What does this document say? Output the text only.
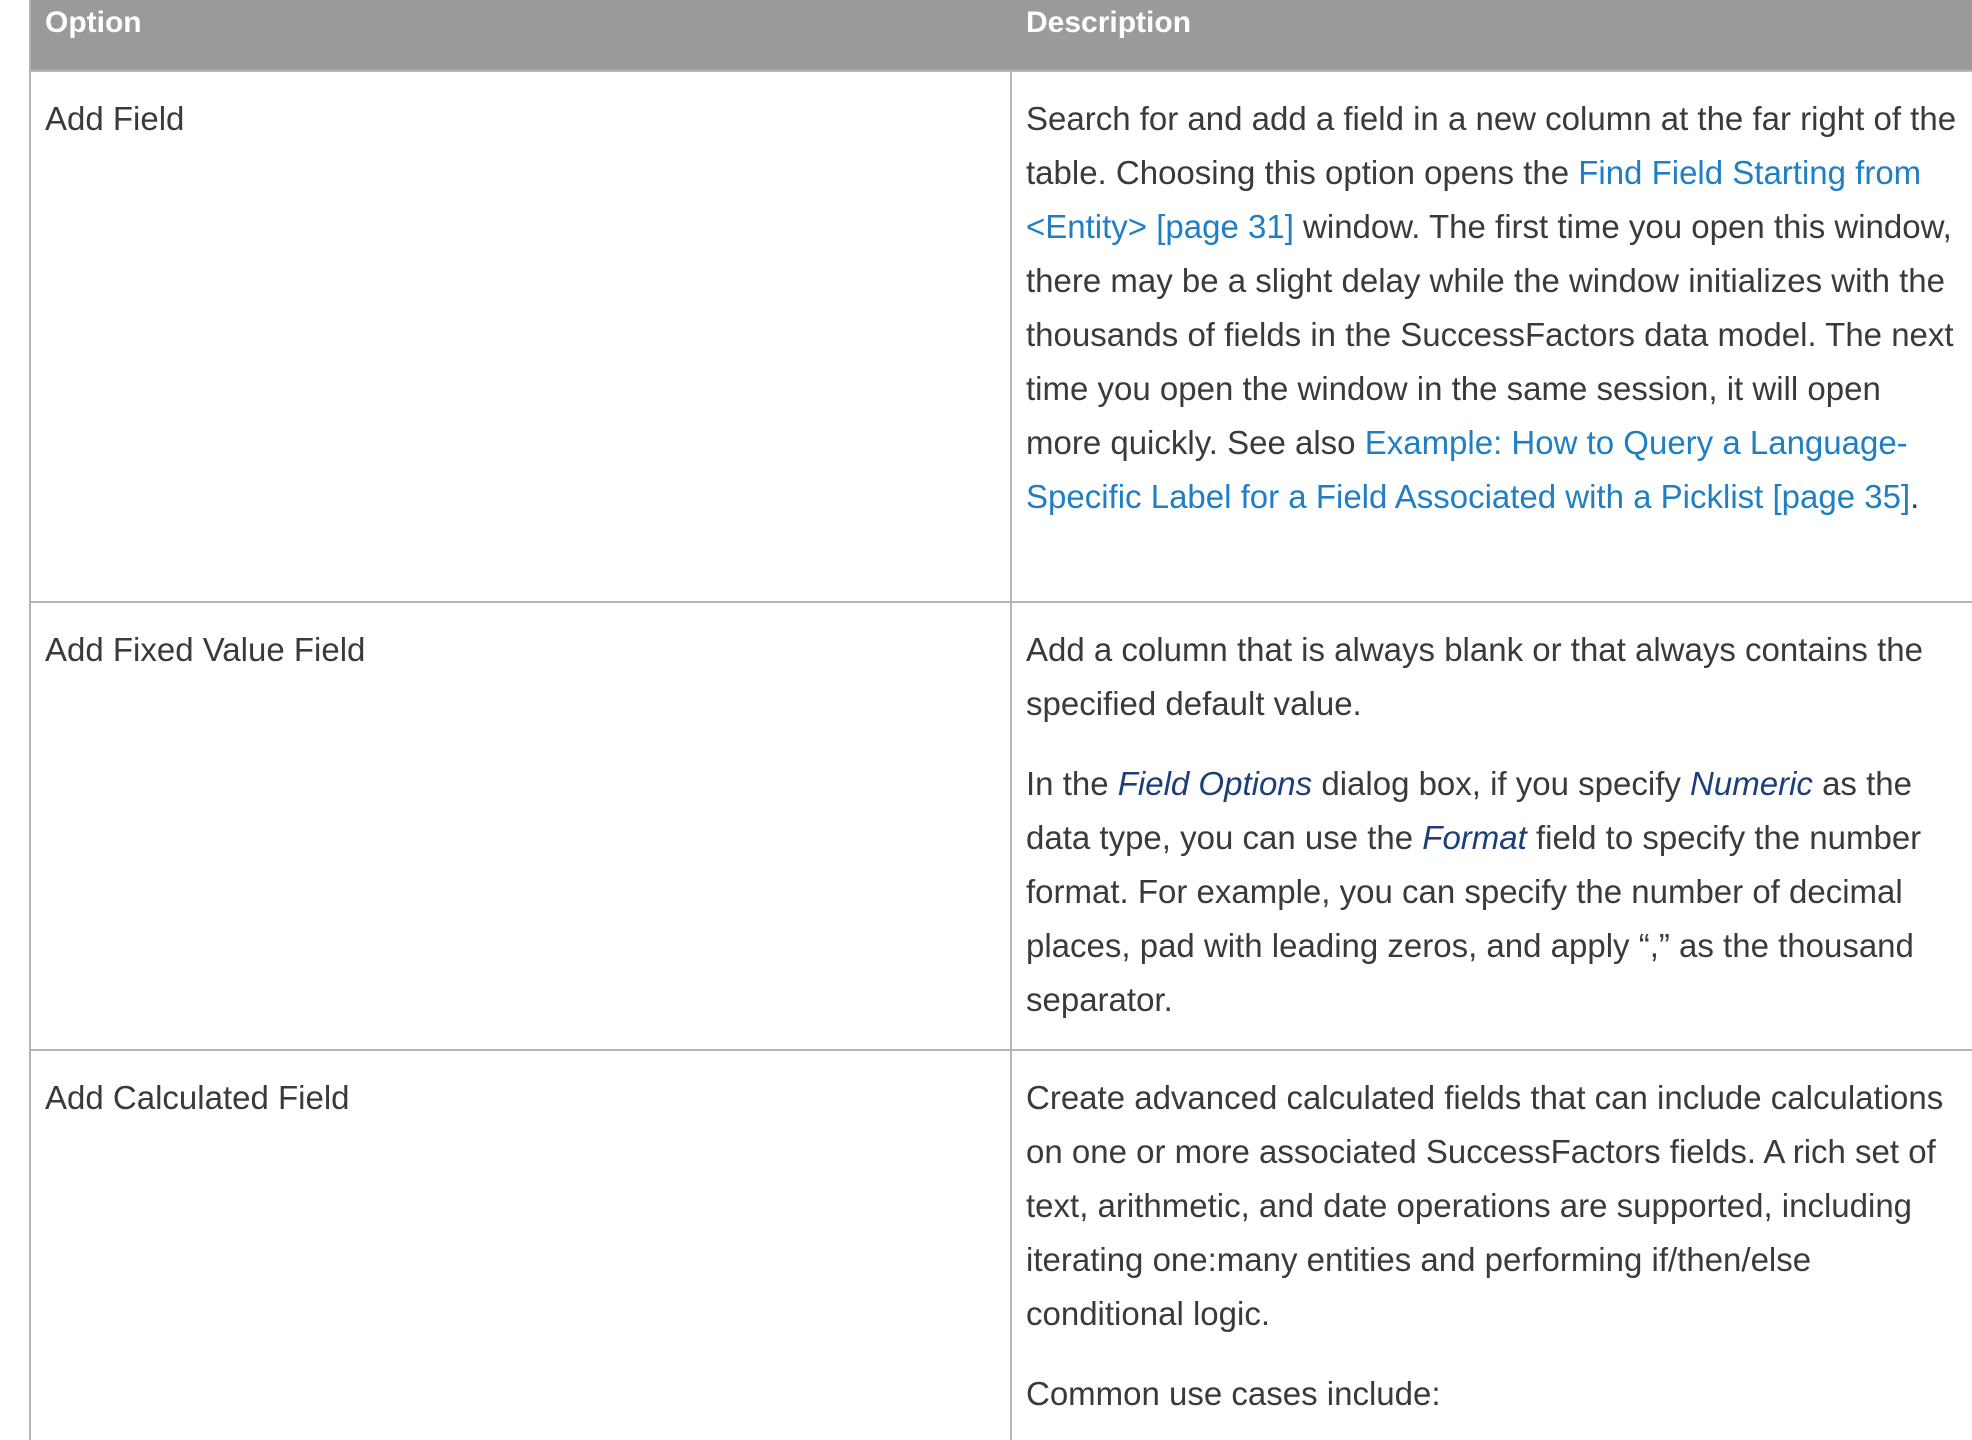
Option	Description
Add Field	Search for and add a field in a new column at the far right of the table. Choosing this option opens the Find Field Starting from <Entity> [page 31] window. The first time you open this window, there may be a slight delay while the window initializes with the thousands of fields in the SuccessFactors data model. The next time you open the window in the same session, it will open more quickly. See also Example: How to Query a Language-Specific Label for a Field Associated with a Picklist [page 35].

Add Fixed Value Field	Add a column that is always blank or that always contains the specified default value.

In the Field Options dialog box, if you specify Numeric as the data type, you can use the Format field to specify the number format. For example, you can specify the number of decimal places, pad with leading zeros, and apply “,” as the thousand separator.

Add Calculated Field	Create advanced calculated fields that can include calculations on one or more associated SuccessFactors fields. A rich set of text, arithmetic, and date operations are supported, including iterating one:many entities and performing if/then/else conditional logic.

Common use cases include:
